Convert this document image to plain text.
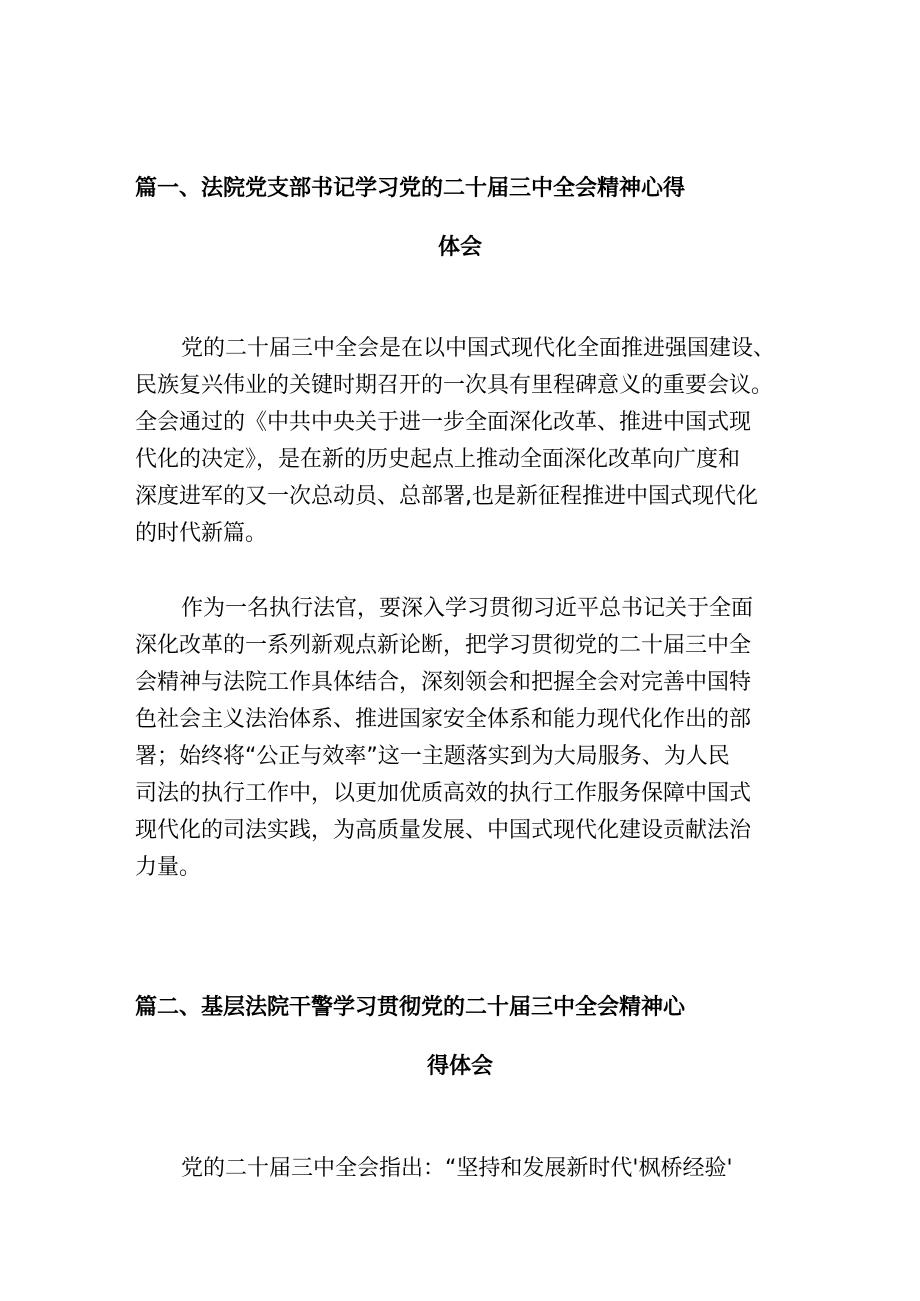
篇一、法院党支部书记学习党的二十届三中全会精神心得
体会
党的二十届三中全会是在以中国式现代化全面推进强国建设、
民族复兴伟业的关键时期召开的一次具有里程碑意义的重要会议。
全会通过的《中共中央关于进一步全面深化改革、推进中国式现
代化的决定》，是在新的历史起点上推动全面深化改革向广度和
深度进军的又一次总动员、总部署,也是新征程推进中国式现代化
的时代新篇。
作为一名执行法官，要深入学习贯彻习近平总书记关于全面
深化改革的一系列新观点新论断，把学习贯彻党的二十届三中全
会精神与法院工作具体结合，深刻领会和把握全会对完善中国特
色社会主义法治体系、推进国家安全体系和能力现代化作出的部
署；始终将“公正与效率”这一主题落实到为大局服务、为人民
司法的执行工作中，以更加优质高效的执行工作服务保障中国式
现代化的司法实践，为高质量发展、中国式现代化建设贡献法治
力量。
篇二、基层法院干警学习贯彻党的二十届三中全会精神心
得体会
党的二十届三中全会指出：“坚持和发展新时代'枫桥经验'
